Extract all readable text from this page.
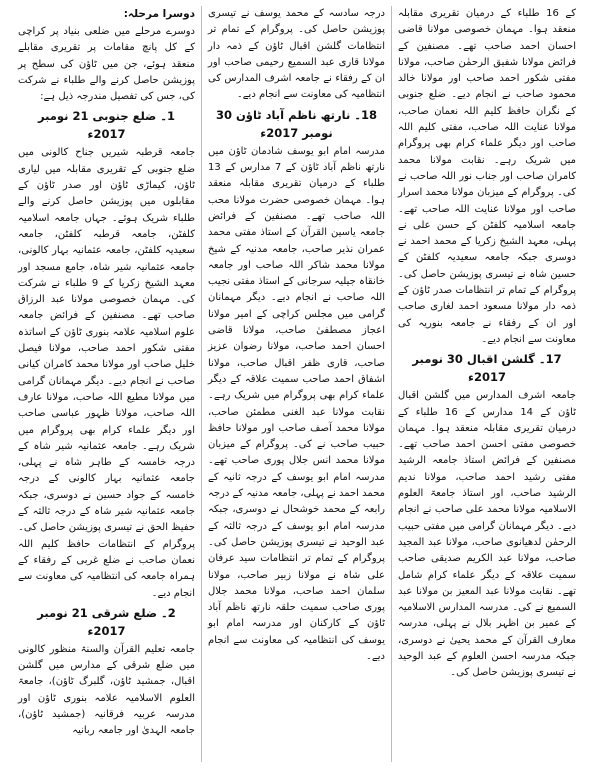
کے 16 طلباء کے درمیان تقریری مقابلہ منعقد ہوا۔ مہمان خصوصی مولانا قاضی احسان احمد صاحب تھے۔ مصنفین کے فرائض مولانا شفیق الرحمٰن صاحب، مولانا مفتی شکور احمد صاحب اور مولانا خالد محمود صاحب نے انجام دیے۔ ضلع جنوبی کے نگران حافظ کلیم اللہ نعمان صاحب، مولانا عنایت اللہ صاحب، مفتی کلیم اللہ صاحب اور دیگر علماء کرام بھی پروگرام میں شریک رہے۔ نقابت مولانا محمد کامران صاحب اور جناب نور اللہ صاحب نے کی۔ پروگرام کے میزبان مولانا محمد اسرار صاحب اور مولانا عنایت اللہ صاحب تھے۔ جامعہ اسلامیہ کلفٹن کے حسن علی نے پہلی، معہد الشیخ زکریا کے محمد احمد نے دوسری جبکہ جامعہ سعیدیہ کلفٹن کے حسین شاہ نے تیسری پوزیشن حاصل کی۔ پروگرام کے تمام تر انتظامات صدر ٹاؤن کے ذمہ دار مولانا مسعود احمد لغاری صاحب اور ان کے رفقاء نے جامعہ بنوریہ کی معاونت سے انجام دیے۔

17۔ گلشن اقبال 30 نومبر 2017ء

جامعہ اشرف المدارس میں گلشن اقبال ٹاؤن کے 14 مدارس کے 16 طلباء کے درمیان تقریری مقابلہ منعقد ہوا۔ مہمان خصوصی مفتی احسن احمد صاحب تھے۔ مصنفین کے فرائض استاذ جامعہ الرشید مفتی رشید احمد صاحب، مولانا ندیم الرشید صاحب، اور استاذ جامعۃ العلوم الاسلامیہ مولانا محمد علی صاحب نے انجام دیے۔ دیگر مہمانان گرامی میں مفتی حبیب الرحمٰن لدھیانوی صاحب، مولانا عبد المجید صاحب، مولانا عبد الکریم صدیقی صاحب سمیت علاقہ کے دیگر علماء کرام شامل تھے۔ نقابت مولانا عبد المعیز بن مولانا عبد السمیع نے کی۔ مدرسہ المدارس الاسلامیہ کے عمیر بن اظہر بلال نے پہلی، مدرسہ معارف القرآن کے محمد یحییٰ نے دوسری، جبکہ مدرسہ احسن العلوم کے عبد الوحید نے تیسری پوزیشن حاصل کی۔

درجہ سادسہ کے محمد یوسف نے تیسری پوزیشن حاصل کی۔ پروگرام کے تمام تر انتظامات گلشن اقبال ٹاؤن کے ذمہ دار مولانا قاری عبد السمیع رحیمی صاحب اور ان کے رفقاء نے جامعہ اشرف المدارس کی انتظامیہ کی معاونت سے انجام دیے۔

18۔ نارتھ ناظم آباد ٹاؤن 30 نومبر 2017ء

مدرسہ امام ابو یوسف شادمان ٹاؤن میں نارتھ ناظم آباد ٹاؤن کے 7 مدارس کے 13 طلباء کے درمیان تقریری مقابلہ منعقد ہوا۔ مہمان خصوصی حضرت مولانا محب اللہ صاحب تھے۔ مصنفین کے فرائض جامعہ یاسین القرآن کے استاذ مفتی محمد عمران نذیر صاحب، جامعہ مدنیہ کے شیخ مولانا محمد شاکر اللہ صاحب اور جامعہ خانقاہ جیلیہ سرجانی کے استاذ مفتی نجیب اللہ صاحب نے انجام دیے۔ دیگر مہمانان گرامی میں مجلس کراچی کے امیر مولانا اعجاز مصطفیٰ صاحب، مولانا قاضی احسان احمد صاحب، مولانا رضوان عزیز صاحب، قاری ظفر اقبال صاحب، مولانا اشفاق احمد صاحب سمیت علاقہ کے دیگر علماء کرام بھی پروگرام میں شریک رہے۔ نقابت مولانا عبد الغنی مطمئن صاحب، مولانا محمد آصف صاحب اور مولانا حافظ حبیب صاحب نے کی۔ پروگرام کے میزبان مولانا محمد انس جلال پوری صاحب تھے۔ مدرسہ امام ابو یوسف کے درجہ ثانیہ کے محمد احمد نے پہلی، جامعہ مدنیہ کے درجہ رابعہ کے محمد خوشحال نے دوسری، جبکہ مدرسہ امام ابو یوسف کے درجہ ثالثہ کے عبد الوحید نے تیسری پوزیشن حاصل کی۔ پروگرام کے تمام تر انتظامات سید عرفان علی شاہ نے مولانا زبیر صاحب، مولانا سلمان احمد صاحب، مولانا محمد جلال پوری صاحب سمیت حلقہ نارتھ ناظم آباد ٹاؤن کے کارکنان اور مدرسہ امام ابو یوسف کی انتظامیہ کی معاونت سے انجام دیے۔

دوسرا مرحلہ:

دوسرے مرحلے میں ضلعی بنیاد پر کراچی کے کل پانچ مقامات پر تقریری مقابلے منعقد ہوئے، جن میں ٹاؤن کی سطح پر پوزیشن حاصل کرنے والے طلباء نے شرکت کی، جس کی تفصیل مندرجہ ذیل ہے:

1۔ ضلع جنوبی 21 نومبر 2017ء

جامعہ قرطبہ شیریں جناح کالونی میں ضلع جنوبی کے تقریری مقابلہ میں لیاری ٹاؤن، کیماڑی ٹاؤن اور صدر ٹاؤن کے مقابلوں میں پوزیشن حاصل کرنے والے طلباء شریک ہوئے۔ جہاں جامعہ اسلامیہ کلفٹن، جامعہ قرطبہ کلفٹن، جامعہ سعیدیہ کلفٹن، جامعہ عثمانیہ بہار کالونی، جامعہ عثمانیہ شیر شاہ، جامع مسجد اور معہد الشیخ زکریا کے 9 طلباء نے شرکت کی۔ مہمان خصوصی مولانا عبد الرزاق صاحب تھے۔ مصنفین کے فرائض جامعہ علوم اسلامیہ علامہ بنوری ٹاؤن کے اساتذہ مفتی شکور احمد صاحب، مولانا فیصل خلیل صاحب اور مولانا محمد کامران کیانی صاحب نے انجام دیے۔ دیگر مہمانان گرامی میں مولانا مطیع اللہ صاحب، مولانا عارف اللہ صاحب، مولانا ظہور عباسی صاحب اور دیگر علماء کرام بھی پروگرام میں شریک رہے۔ جامعہ عثمانیہ شیر شاہ کے درجہ خامسہ کے طاہر شاہ نے پہلی، جامعہ عثمانیہ بہار کالونی کے درجہ خامسہ کے جواد حسین نے دوسری، جبکہ جامعہ عثمانیہ شیر شاہ کے درجہ ثالثہ کے حفیظ الحق نے تیسری پوزیشن حاصل کی۔ پروگرام کے انتظامات حافظ کلیم اللہ نعمان صاحب نے ضلع غربی کے رفقاء کے ہمراہ جامعہ کی انتظامیہ کی معاونت سے انجام دیے۔

2۔ ضلع شرقی 21 نومبر 2017ء

جامعہ تعلیم القرآن والسنۃ منظور کالونی میں ضلع شرقی کے مدارس میں گلشن اقبال، جمشید ٹاؤن، گلبرگ ٹاؤن)، جامعۃ العلوم الاسلامیہ علامہ بنوری ٹاؤن اور مدرسہ عربیہ فرقانیہ (جمشید ٹاؤن)، جامعہ الہدیٰ اور جامعہ ربانیہ
